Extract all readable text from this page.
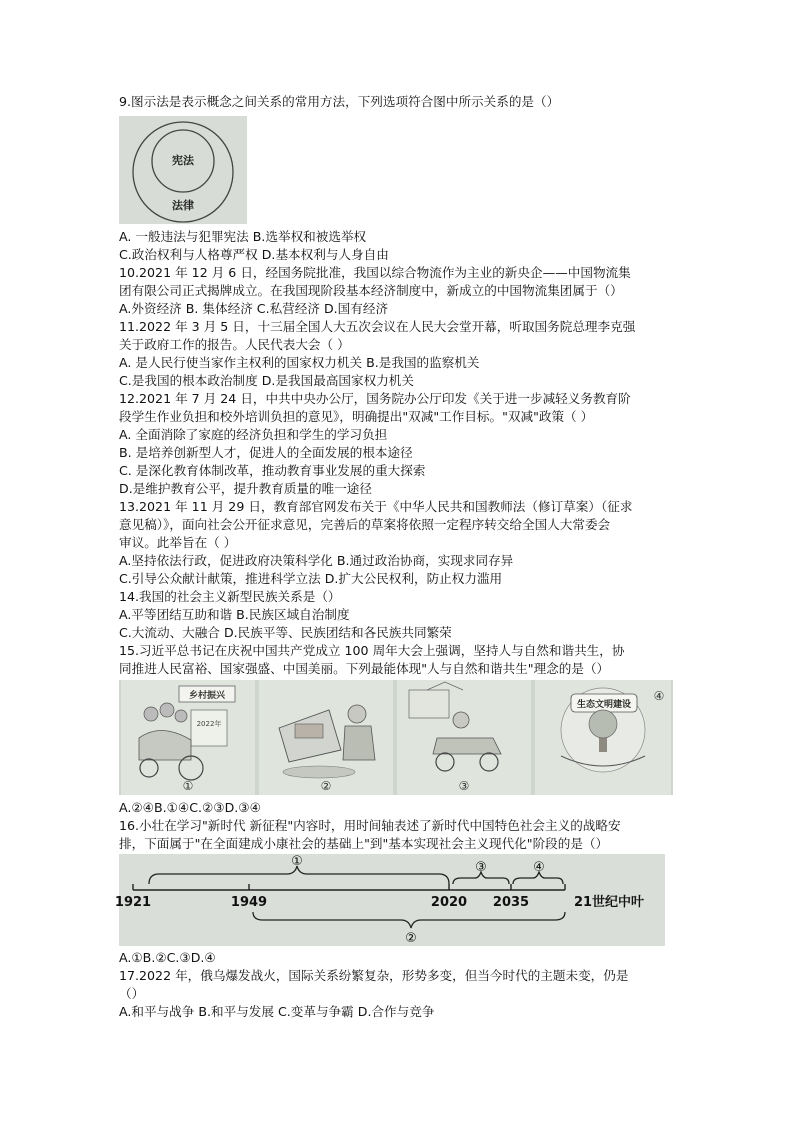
9.图示法是表示概念之间关系的常用方法，下列选项符合图中所示关系的是（）
宪法
法律
A. 一般违法与犯罪宪法 B.选举权和被选举权
C.政治权利与人格尊严权 D.基本权利与人身自由
10.2021 年 12 月 6 日，经国务院批准，我国以综合物流作为主业的新央企——中国物流集
团有限公司正式揭牌成立。在我国现阶段基本经济制度中，新成立的中国物流集团属于（）
A.外资经济 B. 集体经济 C.私营经济 D.国有经济
11.2022 年 3 月 5 日，十三届全国人大五次会议在人民大会堂开幕，听取国务院总理李克强
关于政府工作的报告。人民代表大会（ ）
A. 是人民行使当家作主权利的国家权力机关 B.是我国的监察机关
C.是我国的根本政治制度 D.是我国最高国家权力机关
12.2021 年 7 月 24 日，中共中央办公厅，国务院办公厅印发《关于进一步减轻义务教育阶
段学生作业负担和校外培训负担的意见》，明确提出"双减"工作目标。"双减"政策（ ）
A. 全面消除了家庭的经济负担和学生的学习负担
B. 是培养创新型人才，促进人的全面发展的根本途径
C. 是深化教育体制改革，推动教育事业发展的重大探索
D.是维护教育公平，提升教育质量的唯一途径
13.2021 年 11 月 29 日，教育部官网发布关于《中华人民共和国教师法（修订草案）（征求
意见稿）》，面向社会公开征求意见，完善后的草案将依照一定程序转交给全国人大常委会
审议。此举旨在（ ）
A.坚持依法行政，促进政府决策科学化 B.通过政治协商，实现求同存异
C.引导公众献计献策，推进科学立法 D.扩大公民权利，防止权力滥用
14.我国的社会主义新型民族关系是（）
A.平等团结互助和谐 B.民族区域自治制度
C.大流动、大融合 D.民族平等、民族团结和各民族共同繁荣
15.习近平总书记在庆祝中国共产党成立 100 周年大会上强调，坚持人与自然和谐共生，协
同推进人民富裕、国家强盛、中国美丽。下列最能体现"人与自然和谐共生"理念的是（）
乡村振兴
2022年
①	②	③
生态文明建设
④
A.②④B.①④C.②③D.③④
16.小壮在学习"新时代 新征程"内容时，用时间轴表述了新时代中国特色社会主义的战略安
排，下面属于"在全面建成小康社会的基础上"到"基本实现社会主义现代化"阶段的是（）
①	③	④
1921	1949	2020 2035	21世纪中叶
②
A.①B.②C.③D.④
17.2022 年，俄乌爆发战火，国际关系纷繁复杂，形势多变，但当今时代的主题未变，仍是
（）
A.和平与战争 B.和平与发展 C.变革与争霸 D.合作与竞争
